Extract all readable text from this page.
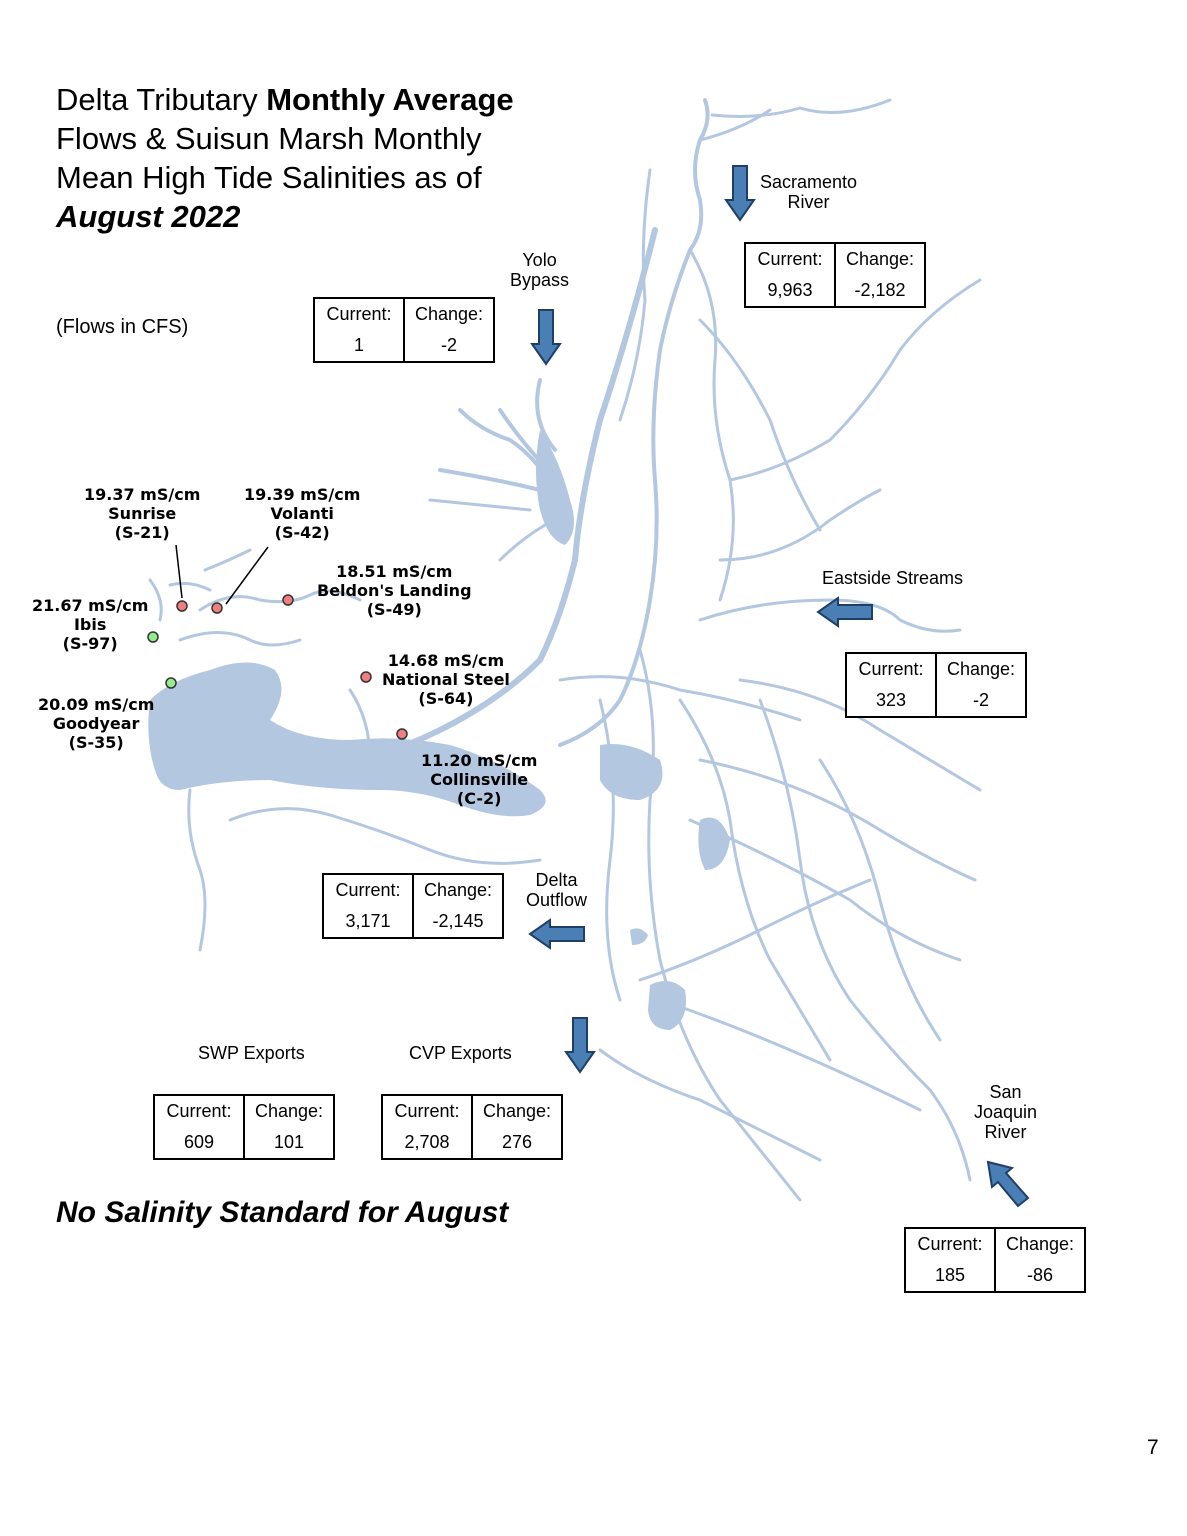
Delta Tributary Monthly Average
Flows & Suisun Marsh Monthly
Mean High Tide Salinities as of
August 2022
(Flows in CFS)
Sacramento
River
Current:
9,963
Change:
-2,182
Yolo
Bypass
Current:
1
Change:
-2
Eastside Streams
Current:
323
Change:
-2
Delta
Outflow
Current:
3,171
Change:
-2,145
SWP Exports
Current:
609
Change:
101
CVP Exports
Current:
2,708
Change:
276
San
Joaquin
River
Current:
185
Change:
-86
19.37 mS/cm
Sunrise
(S-21)
19.39 mS/cm
Volanti
(S-42)
18.51 mS/cm
Beldon's Landing
(S-49)
21.67 mS/cm
Ibis
(S-97)
20.09 mS/cm
Goodyear
(S-35)
14.68 mS/cm
National Steel
(S-64)
11.20 mS/cm
Collinsville
(C-2)
No Salinity Standard for August
7
